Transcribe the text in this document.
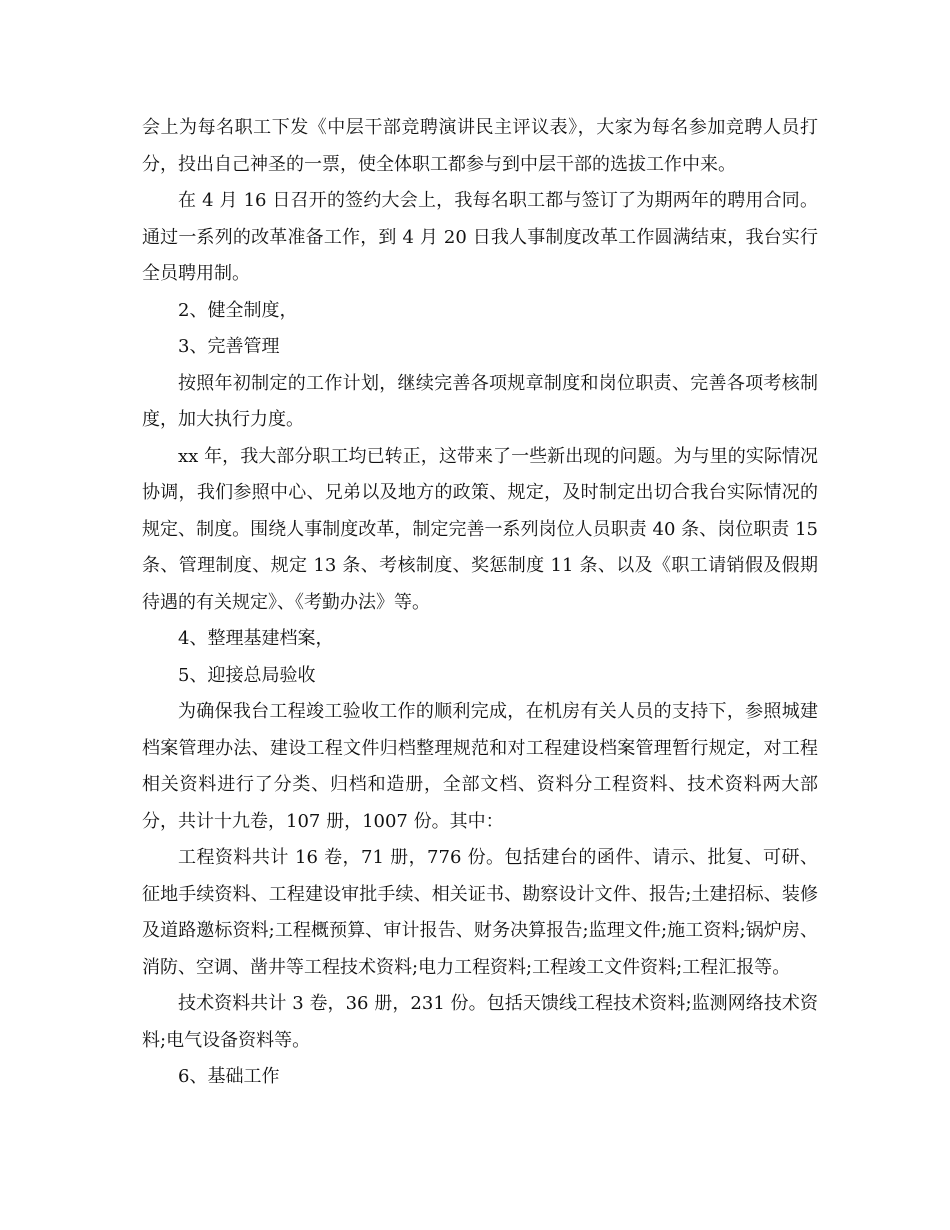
会上为每名职工下发《中层干部竞聘演讲民主评议表》，大家为每名参加竞聘人员打分，投出自己神圣的一票，使全体职工都参与到中层干部的选拔工作中来。

在 4 月 16 日召开的签约大会上，我每名职工都与签订了为期两年的聘用合同。通过一系列的改革准备工作，到 4 月 20 日我人事制度改革工作圆满结束，我台实行全员聘用制。

2、健全制度，

3、完善管理

按照年初制定的工作计划，继续完善各项规章制度和岗位职责、完善各项考核制度，加大执行力度。

xx 年，我大部分职工均已转正，这带来了一些新出现的问题。为与里的实际情况协调，我们参照中心、兄弟以及地方的政策、规定，及时制定出切合我台实际情况的规定、制度。围绕人事制度改革，制定完善一系列岗位人员职责 40 条、岗位职责 15 条、管理制度、规定 13 条、考核制度、奖惩制度 11 条、以及《职工请销假及假期待遇的有关规定》、《考勤办法》等。

4、整理基建档案，

5、迎接总局验收

为确保我台工程竣工验收工作的顺利完成，在机房有关人员的支持下，参照城建档案管理办法、建设工程文件归档整理规范和对工程建设档案管理暂行规定，对工程相关资料进行了分类、归档和造册，全部文档、资料分工程资料、技术资料两大部分，共计十九卷，107 册，1007 份。其中：

工程资料共计 16 卷，71 册，776 份。包括建台的函件、请示、批复、可研、征地手续资料、工程建设审批手续、相关证书、勘察设计文件、报告;土建招标、装修及道路邀标资料;工程概预算、审计报告、财务决算报告;监理文件;施工资料;锅炉房、消防、空调、凿井等工程技术资料;电力工程资料;工程竣工文件资料;工程汇报等。

技术资料共计 3 卷，36 册，231 份。包括天馈线工程技术资料;监测网络技术资料;电气设备资料等。

6、基础工作
